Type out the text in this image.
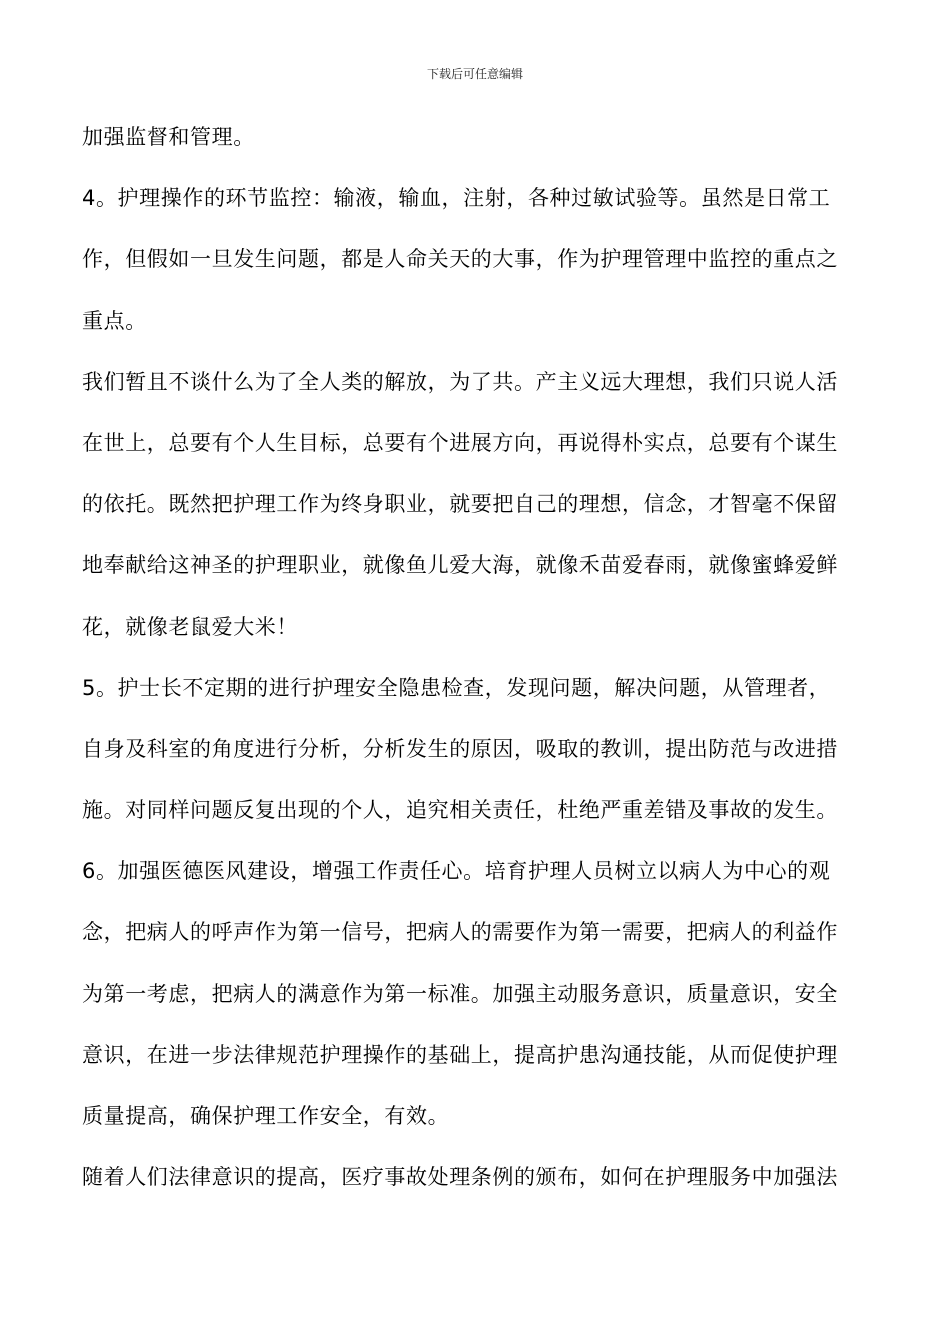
下载后可任意编辑
加强监督和管理。
4。护理操作的环节监控：输液，输血，注射，各种过敏试验等。虽然是日常工
作，但假如一旦发生问题，都是人命关天的大事，作为护理管理中监控的重点之
重点。
我们暂且不谈什么为了全人类的解放，为了共。产主义远大理想，我们只说人活
在世上，总要有个人生目标，总要有个进展方向，再说得朴实点，总要有个谋生
的依托。既然把护理工作为终身职业，就要把自己的理想，信念，才智毫不保留
地奉献给这神圣的护理职业，就像鱼儿爱大海，就像禾苗爱春雨，就像蜜蜂爱鲜
花，就像老鼠爱大米！
5。护士长不定期的进行护理安全隐患检查，发现问题，解决问题，从管理者，
自身及科室的角度进行分析，分析发生的原因，吸取的教训，提出防范与改进措
施。对同样问题反复出现的个人，追究相关责任，杜绝严重差错及事故的发生。
6。加强医德医风建设，增强工作责任心。培育护理人员树立以病人为中心的观
念，把病人的呼声作为第一信号，把病人的需要作为第一需要，把病人的利益作
为第一考虑，把病人的满意作为第一标准。加强主动服务意识，质量意识，安全
意识，在进一步法律规范护理操作的基础上，提高护患沟通技能，从而促使护理
质量提高，确保护理工作安全，有效。
随着人们法律意识的提高，医疗事故处理条例的颁布，如何在护理服务中加强法
